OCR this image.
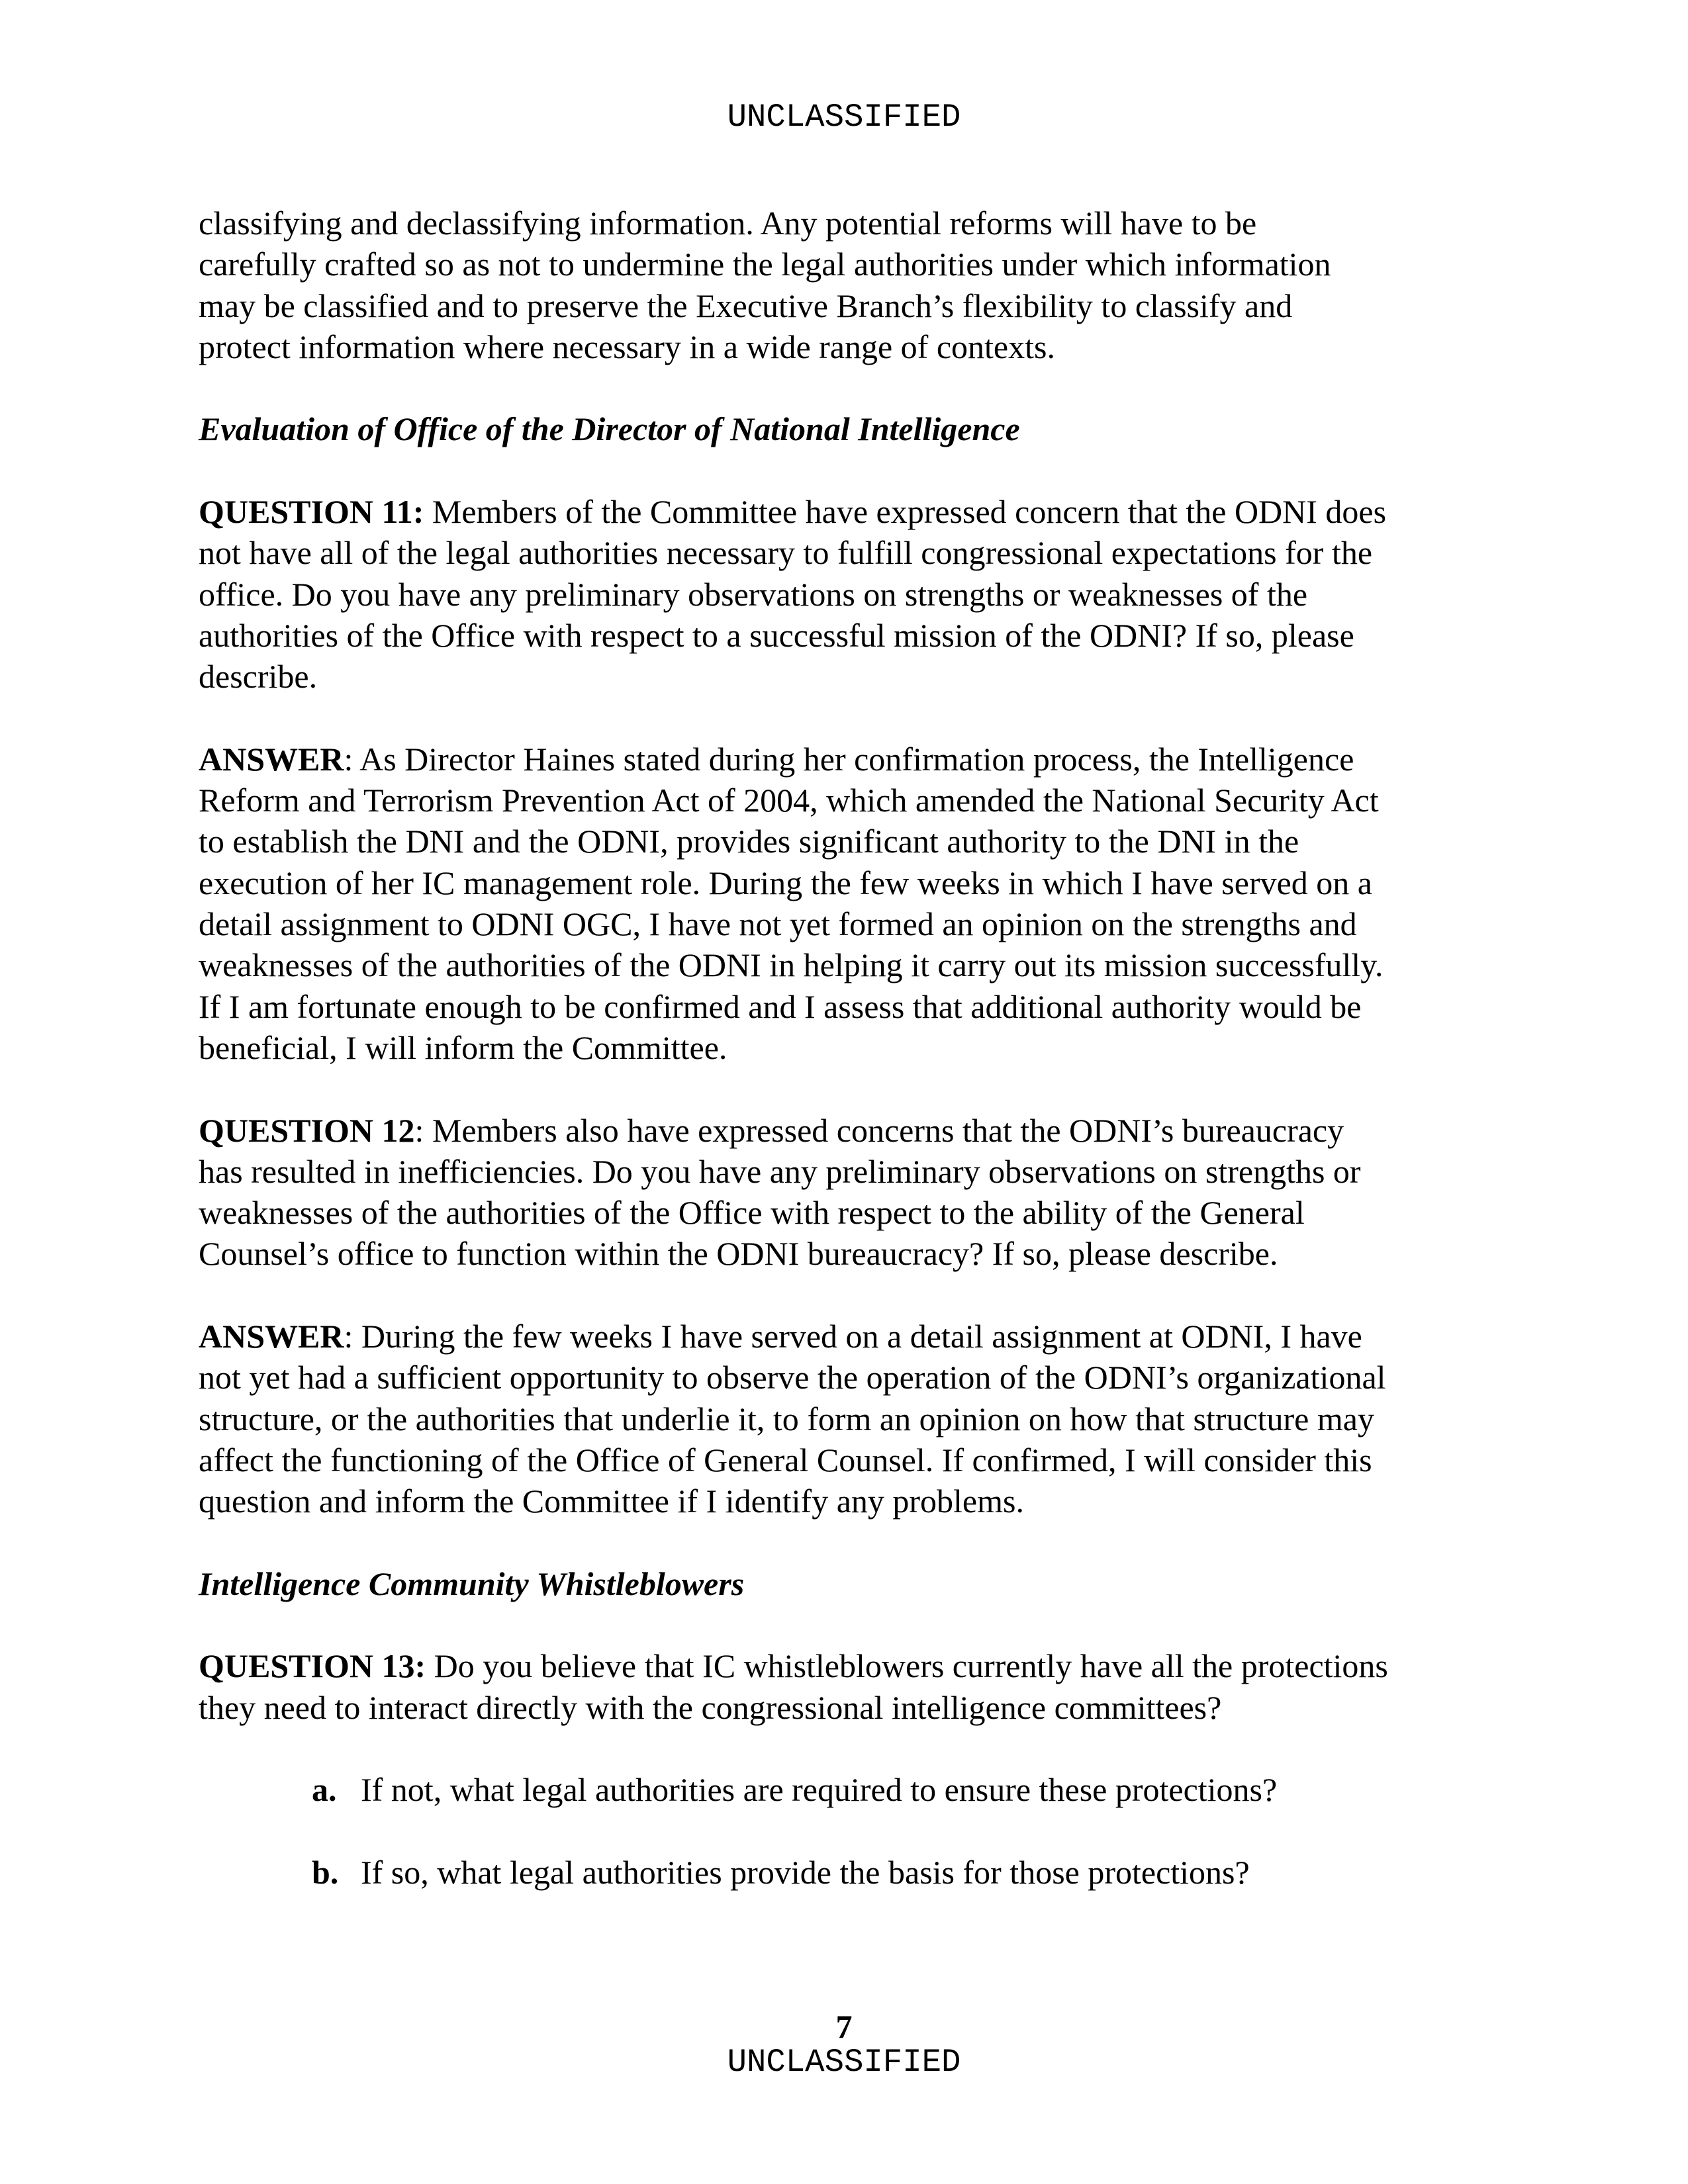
UNCLASSIFIED
classifying and declassifying information. Any potential reforms will have to be
carefully crafted so as not to undermine the legal authorities under which information
may be classified and to preserve the Executive Branch’s flexibility to classify and
protect information where necessary in a wide range of contexts.
Evaluation of Office of the Director of National Intelligence
QUESTION 11: Members of the Committee have expressed concern that the ODNI does
not have all of the legal authorities necessary to fulfill congressional expectations for the
office. Do you have any preliminary observations on strengths or weaknesses of the
authorities of the Office with respect to a successful mission of the ODNI? If so, please
describe.
ANSWER: As Director Haines stated during her confirmation process, the Intelligence
Reform and Terrorism Prevention Act of 2004, which amended the National Security Act
to establish the DNI and the ODNI, provides significant authority to the DNI in the
execution of her IC management role. During the few weeks in which I have served on a
detail assignment to ODNI OGC, I have not yet formed an opinion on the strengths and
weaknesses of the authorities of the ODNI in helping it carry out its mission successfully.
If I am fortunate enough to be confirmed and I assess that additional authority would be
beneficial, I will inform the Committee.
QUESTION 12: Members also have expressed concerns that the ODNI’s bureaucracy
has resulted in inefficiencies. Do you have any preliminary observations on strengths or
weaknesses of the authorities of the Office with respect to the ability of the General
Counsel’s office to function within the ODNI bureaucracy? If so, please describe.
ANSWER: During the few weeks I have served on a detail assignment at ODNI, I have
not yet had a sufficient opportunity to observe the operation of the ODNI’s organizational
structure, or the authorities that underlie it, to form an opinion on how that structure may
affect the functioning of the Office of General Counsel. If confirmed, I will consider this
question and inform the Committee if I identify any problems.
Intelligence Community Whistleblowers
QUESTION 13: Do you believe that IC whistleblowers currently have all the protections
they need to interact directly with the congressional intelligence committees?
a. If not, what legal authorities are required to ensure these protections?
b. If so, what legal authorities provide the basis for those protections?
7
UNCLASSIFIED
